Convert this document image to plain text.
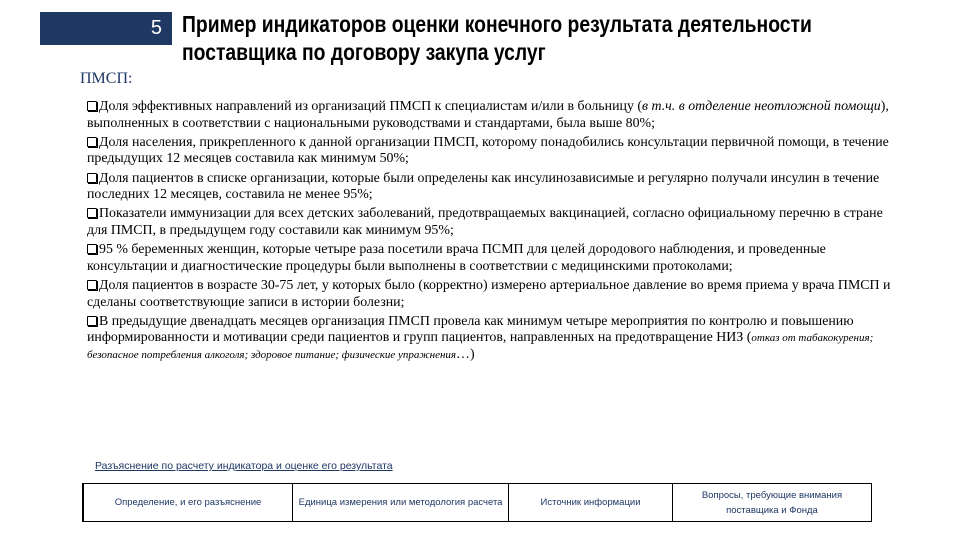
5 Пример индикаторов оценки конечного результата деятельности
поставщика по договору закупа услуг
ПМСП:
Доля эффективных направлений из организаций ПМСП к специалистам и/или в больницу (в т.ч. в отделение неотложной помощи), выполненных в соответствии с национальными руководствами и стандартами, была выше 80%;
Доля населения, прикрепленного к данной организации ПМСП, которому понадобились консультации первичной помощи, в течение предыдущих 12 месяцев составила как минимум 50%;
Доля пациентов в списке организации, которые были определены как инсулинозависимые и регулярно получали инсулин в течение последних 12 месяцев, составила не менее 95%;
Показатели иммунизации для всех детских заболеваний, предотвращаемых вакцинацией, согласно официальному перечню в стране для ПМСП, в предыдущем году составили как минимум 95%;
95 % беременных женщин, которые четыре раза посетили врача ПСМП для целей дородового наблюдения, и проведенные консультации и диагностические процедуры были выполнены в соответствии с медицинскими протоколами;
Доля пациентов в возрасте 30-75 лет, у которых было (корректно) измерено артериальное давление во время приема у врача ПМСП и сделаны соответствующие записи в истории болезни;
В предыдущие двенадцать месяцев организация ПМСП провела как минимум четыре мероприятия по контролю и повышению информированности и мотивации среди пациентов и групп пациентов, направленных на предотвращение НИЗ (отказ от табакокурения; безопасное потребления алкоголя; здоровое питание; физические упражнения…)
Разъяснение по расчету индикатора и оценке его результата
Определение, и его разъяснение	Единица измерения или методология расчета	Источник информации	Вопросы, требующие внимания поставщика и Фонда
